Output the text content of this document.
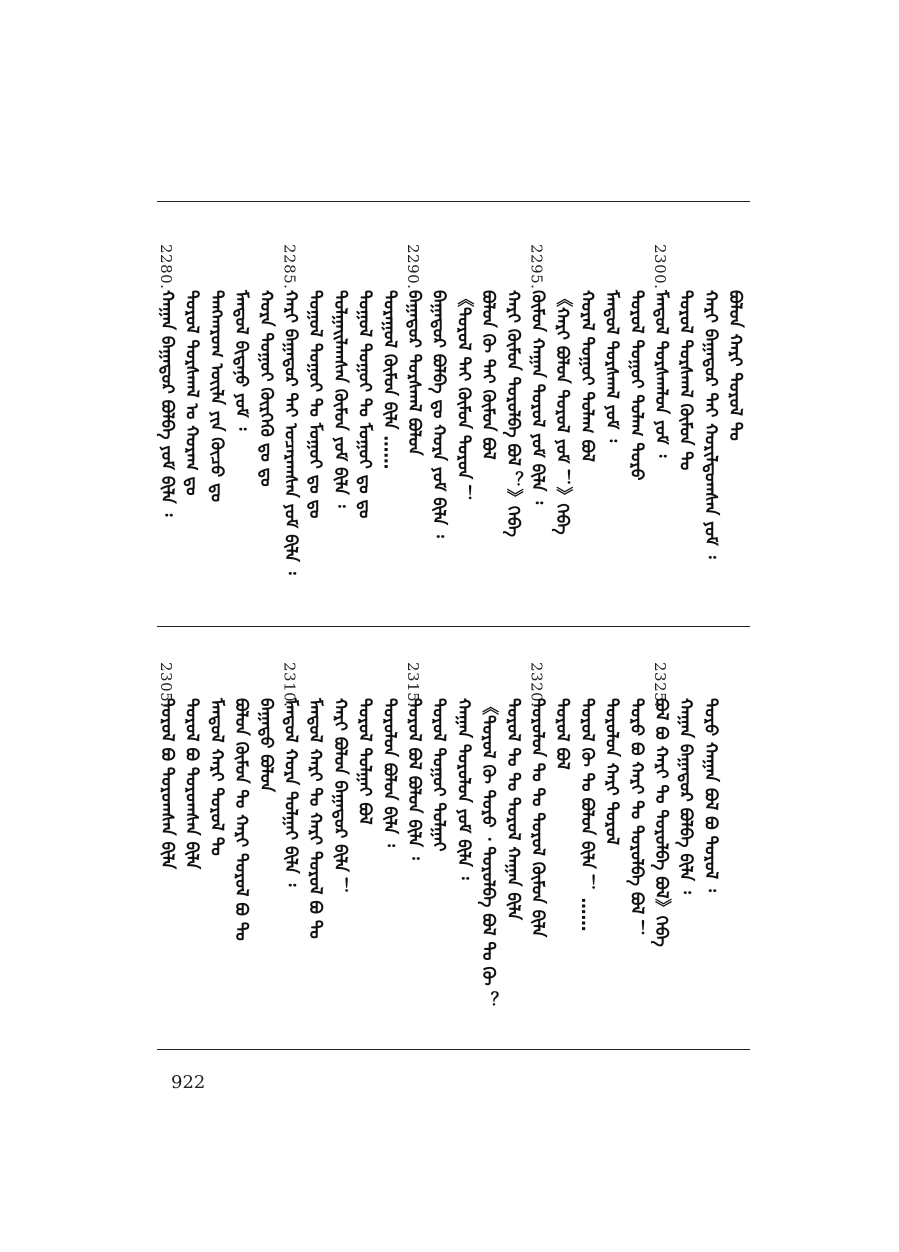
2280.
ᠬᠠᠭᠠᠨ ᠪᠠᠭᠠᠲᠤᠷ ᠪᠣᠯᠪᠠ ᠶᠤᠮ ᠪᠢᠯᠡ ᠄ ᠲᠤᠷᠤᠯ ᠲᠤᠷᠰᠬᠠᠯ ᠤ ᠬᠤᠷᠠᠭ ᠳᠤ ᠲᠠᠩᠬᠠᠷᠤᠭ ᠦᠢᠯᠡ ᠶᠢᠨ ᠬᠦᠴᠦ ᠳᠤ ᠮᠠᠨᠳᠤᠯ ᠪᠢᠳᠡᠨᠦ ᠶᠤᠮ ᠄ ᠬᠤᠷᠠ ᠳᠤᠭᠤᠢ ᠬᠦᠷᠭᠡᠬᠦ ᠳᠤ ᠳᠤ
2285.
ᠬᠠᠷᠢ ᠪᠠᠭᠠᠲᠤᠷ ᠲᠠᠢ ᠤᠴᠠᠷᠠᠭᠰᠠᠨ ᠶᠤᠮ ᠪᠢᠯᠡ ᠄ ᠲᠤᠭᠤᠯ ᠳᠤᠭᠤᠢ ᠲᠤ ᠮᠣᠭᠤᠢ ᠳᠤ ᠳᠤ ᠲᠤᠯᠭᠠᠢᠯᠠᠭᠰᠠᠨ ᠬᠦᠮᠦᠨ ᠶᠤᠮ ᠪᠢᠯᠡ ᠄ ᠲᠤᠭᠤᠯ ᠳᠤᠭᠤᠢ ᠲᠤ ᠮᠣᠭᠤᠢ ᠳᠤ ᠳᠤ ᠲᠤᠷᠠᠭᠤᠯ ᠬᠦᠮᠦᠨ ᠪᠢᠯᠡ ……
2290.
ᠪᠠᠭᠠᠲᠤᠷ ᠲᠤᠷᠰᠬᠠᠯ ᠪᠤᠯᠤᠨ ᠪᠠᠭᠠᠲᠤᠷ ᠪᠣᠯᠪᠠ ᠳᠤ ᠬᠤᠷᠠ ᠶᠤᠮ ᠪᠢᠯᠡ ᠄ 《ᠲᠤᠷᠤᠯ ᠲᠠᠢ ᠬᠦᠮᠦᠨ ᠲᠤᠷᠤᠨ ！ ᠪᠣᠯᠤᠨ ᠬᠦ ᠲᠠᠢ ᠬᠦᠮᠦᠨ ᠪᠣᠯ ᠬᠠᠷᠢ ᠬᠦᠮᠦᠨ ᠲᠤᠷᠤᠯᠪᠠ ᠪᠣᠯ ？》ᠭᠡᠪᠡ
2295.
ᠬᠦᠮᠦᠨ ᠬᠠᠭᠠᠨ ᠲᠤᠷᠤᠯ ᠶᠤᠮ ᠪᠢᠯᠡ ᠄ 《ᠬᠠᠷᠢ ᠪᠤᠯᠤᠨ ᠲᠤᠷᠤᠯ ᠶᠤᠮ ！》ᠭᠡᠪᠡ ᠬᠤᠷᠠᠯ ᠳᠤᠭᠤᠢ ᠲᠤᠯᠠᠭ ᠪᠣᠯ ᠮᠠᠨᠳᠤᠯ ᠲᠤᠷᠰᠬᠠᠯ ᠶᠤᠮ ᠄ ᠲᠤᠷᠤᠯ ᠳᠤᠭᠤᠢ ᠲᠤᠯᠠᠭ ᠲᠤᠷᠤ
2300.
ᠮᠠᠨᠳᠤᠯ ᠲᠤᠷᠰᠬᠠᠯᠤᠨ ᠶᠤᠮ ᠄ ᠲᠤᠷᠤᠯ ᠲᠤᠷᠰᠬᠠᠯ ᠬᠦᠮᠦᠨ ᠲᠤ ᠬᠠᠷᠢ ᠪᠠᠭᠠᠲᠤᠷ ᠲᠠᠢ ᠬᠤᠷᠢᠯᠳᠤᠭᠰᠠᠨ ᠶᠤᠮ ᠄ ᠪᠤᠯᠤᠨ ᠬᠠᠷᠢ ᠲᠤᠷᠤᠯ ᠲᠤ
2305.
ᠲᠤᠷᠤᠯ ᠪᠣ ᠲᠤᠷᠤᠭᠰᠠᠨ ᠪᠢᠯᠡ ᠲᠤᠷᠤᠯ ᠪᠣ ᠲᠤᠷᠤᠭᠰᠠᠨ ᠪᠢᠯᠡ ᠮᠠᠨᠳᠤᠯ ᠬᠠᠷᠢ ᠲᠤᠷᠤᠯ ᠲᠤ ᠪᠤᠯᠤᠨ ᠬᠦᠮᠦᠨ ᠲᠤ ᠬᠠᠷᠢ ᠲᠤᠷᠤᠯ ᠪᠣ ᠲᠤ ᠪᠠᠭᠠᠲᠤ ᠪᠤᠯᠤᠨ
2310.
ᠮᠠᠨᠳᠤᠯ ᠬᠤᠷᠠ ᠲᠤᠯᠭᠠᠢ ᠪᠢᠯᠡ ᠄ ᠮᠠᠨᠳᠤᠯ ᠬᠠᠷᠢ ᠲᠤ ᠬᠠᠷᠢ ᠲᠤᠷᠤᠯ ᠪᠣ ᠲᠤ ᠬᠠᠷᠢ ᠪᠤᠯᠤᠨ ᠪᠠᠭᠠᠲᠤᠷ ᠪᠢᠯᠡ ！ ᠲᠤᠷᠤᠯ ᠲᠤᠯᠭᠠᠢ ᠪᠣᠯ ᠲᠤᠷᠤᠯᠤᠨ ᠪᠤᠯᠤᠨ ᠪᠢᠯᠡ ᠄
2315.
ᠲᠤᠷᠤᠯ ᠪᠣᠯ ᠪᠤᠯᠤᠨ ᠪᠢᠯᠡ ᠄ ᠲᠤᠷᠤᠯ ᠳᠤᠭᠤᠢ ᠲᠤᠯᠭᠠᠢ ᠬᠠᠭᠠᠨ ᠲᠤᠷᠤᠯᠤᠨ ᠶᠤᠮ ᠪᠢᠯᠡ ᠄ 《ᠲᠤᠷᠤᠯ ᠬᠦ ᠲᠤᠷᠤ ᠂ ᠲᠤᠷᠤᠯᠪᠠ ᠪᠣᠯ ᠲᠤ ᠬᠦ ？ ᠲᠤᠷᠤᠯ ᠲᠤ ᠲᠤ ᠲᠤᠷᠤᠯ ᠬᠠᠭᠠᠨ ᠪᠢᠯᠡ
2320.
ᠲᠤᠷᠤᠯᠤᠨ ᠲᠤ ᠲᠤ ᠲᠤᠷᠤᠯ ᠬᠦᠮᠦᠨ ᠪᠢᠯᠡ ᠲᠤᠷᠤᠯ ᠪᠣᠯ ᠲᠤᠷᠤᠯ ᠬᠦ ᠲᠤ ᠪᠤᠯᠤᠨ ᠪᠢᠯᠡ ！ …… ᠲᠤᠷᠤᠯᠤᠨ ᠬᠠᠷᠢ ᠲᠤᠷᠤᠯ ᠲᠤᠷᠤ ᠪᠣ ᠬᠠᠷᠢ ᠲᠤ ᠲᠤᠷᠤᠯᠪᠠ ᠪᠣᠯ ！
2325.
ᠪᠣᠯ ᠪᠣ ᠬᠠᠷᠢ ᠲᠤ ᠲᠤᠷᠤᠯᠪᠠ ᠪᠣᠯ》ᠭᠡᠪᠡ ᠬᠠᠭᠠᠨ ᠪᠠᠭᠠᠲᠤᠷ ᠪᠣᠯᠪᠠ ᠪᠢᠯᠡ ᠄ ᠲᠤᠷᠤ ᠬᠠᠭᠠᠨ ᠪᠣᠯ ᠪᠣ ᠲᠤᠷᠤᠯ ᠄
922
